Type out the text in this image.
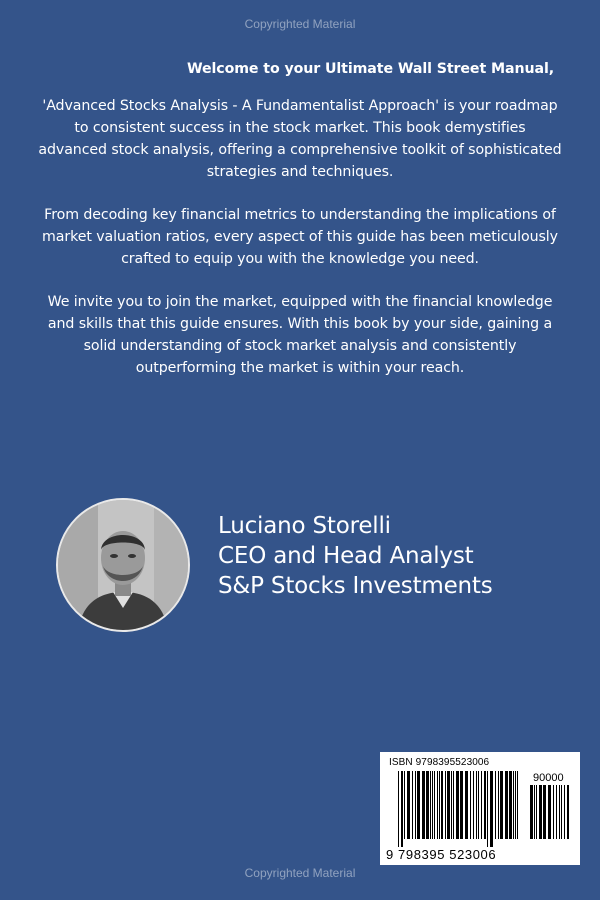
Copyrighted Material

Welcome to your Ultimate Wall Street Manual,

'Advanced Stocks Analysis - A Fundamentalist Approach' is your roadmap to consistent success in the stock market. This book demystifies advanced stock analysis, offering a comprehensive toolkit of sophisticated strategies and techniques.

From decoding key financial metrics to understanding the implications of market valuation ratios, every aspect of this guide has been meticulously crafted to equip you with the knowledge you need.

We invite you to join the market, equipped with the financial knowledge and skills that this guide ensures. With this book by your side, gaining a solid understanding of stock market analysis and consistently outperforming the market is within your reach.

Luciano Storelli
CEO and Head Analyst
S&P Stocks Investments
ISBN 9798395523006
90000
9 798395 523006
Copyrighted Material
